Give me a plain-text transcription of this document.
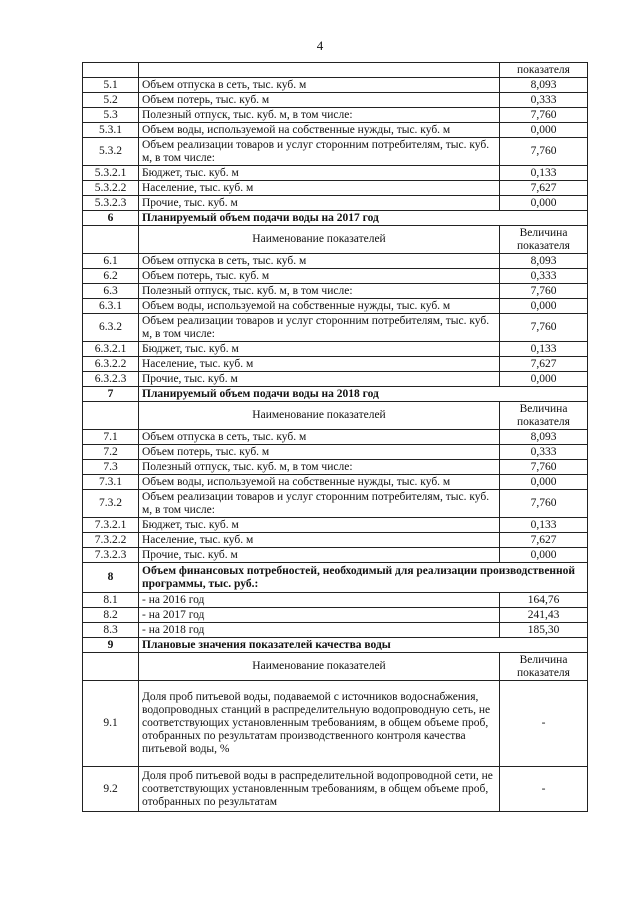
4
		показателя
5.1	Объем отпуска в сеть, тыс. куб. м	8,093
5.2	Объем потерь, тыс. куб. м	0,333
5.3	Полезный отпуск, тыс. куб. м, в том числе:	7,760
5.3.1	Объем воды, используемой на собственные нужды, тыс. куб. м	0,000
5.3.2	Объем реализации товаров и услуг сторонним потребителям, тыс. куб. м, в том числе:	7,760
5.3.2.1	Бюджет, тыс. куб. м	0,133
5.3.2.2	Население, тыс. куб. м	7,627
5.3.2.3	Прочие, тыс. куб. м	0,000
6	Планируемый объем подачи воды на 2017 год	
	Наименование показателей	Величина показателя
6.1	Объем отпуска в сеть, тыс. куб. м	8,093
6.2	Объем потерь, тыс. куб. м	0,333
6.3	Полезный отпуск, тыс. куб. м, в том числе:	7,760
6.3.1	Объем воды, используемой на собственные нужды, тыс. куб. м	0,000
6.3.2	Объем реализации товаров и услуг сторонним потребителям, тыс. куб. м, в том числе:	7,760
6.3.2.1	Бюджет, тыс. куб. м	0,133
6.3.2.2	Население, тыс. куб. м	7,627
6.3.2.3	Прочие, тыс. куб. м	0,000
7	Планируемый объем подачи воды на 2018 год	
	Наименование показателей	Величина показателя
7.1	Объем отпуска в сеть, тыс. куб. м	8,093
7.2	Объем потерь, тыс. куб. м	0,333
7.3	Полезный отпуск, тыс. куб. м, в том числе:	7,760
7.3.1	Объем воды, используемой на собственные нужды, тыс. куб. м	0,000
7.3.2	Объем реализации товаров и услуг сторонним потребителям, тыс. куб. м, в том числе:	7,760
7.3.2.1	Бюджет, тыс. куб. м	0,133
7.3.2.2	Население, тыс. куб. м	7,627
7.3.2.3	Прочие, тыс. куб. м	0,000
8	Объем финансовых потребностей, необходимый для реализации производственной программы, тыс. руб.:	
8.1	- на 2016 год	164,76
8.2	- на 2017 год	241,43
8.3	- на 2018 год	185,30
9	Плановые значения показателей качества воды	
	Наименование показателей	Величина показателя
9.1	Доля проб питьевой воды, подаваемой с источников водоснабжения, водопроводных станций в распределительную водопроводную сеть, не соответствующих установленным требованиям, в общем объеме проб, отобранных по результатам производственного контроля качества питьевой воды, %	-
9.2	Доля проб питьевой воды в распределительной водопроводной сети, не соответствующих установленным требованиям, в общем объеме проб, отобранных по результатам	-
